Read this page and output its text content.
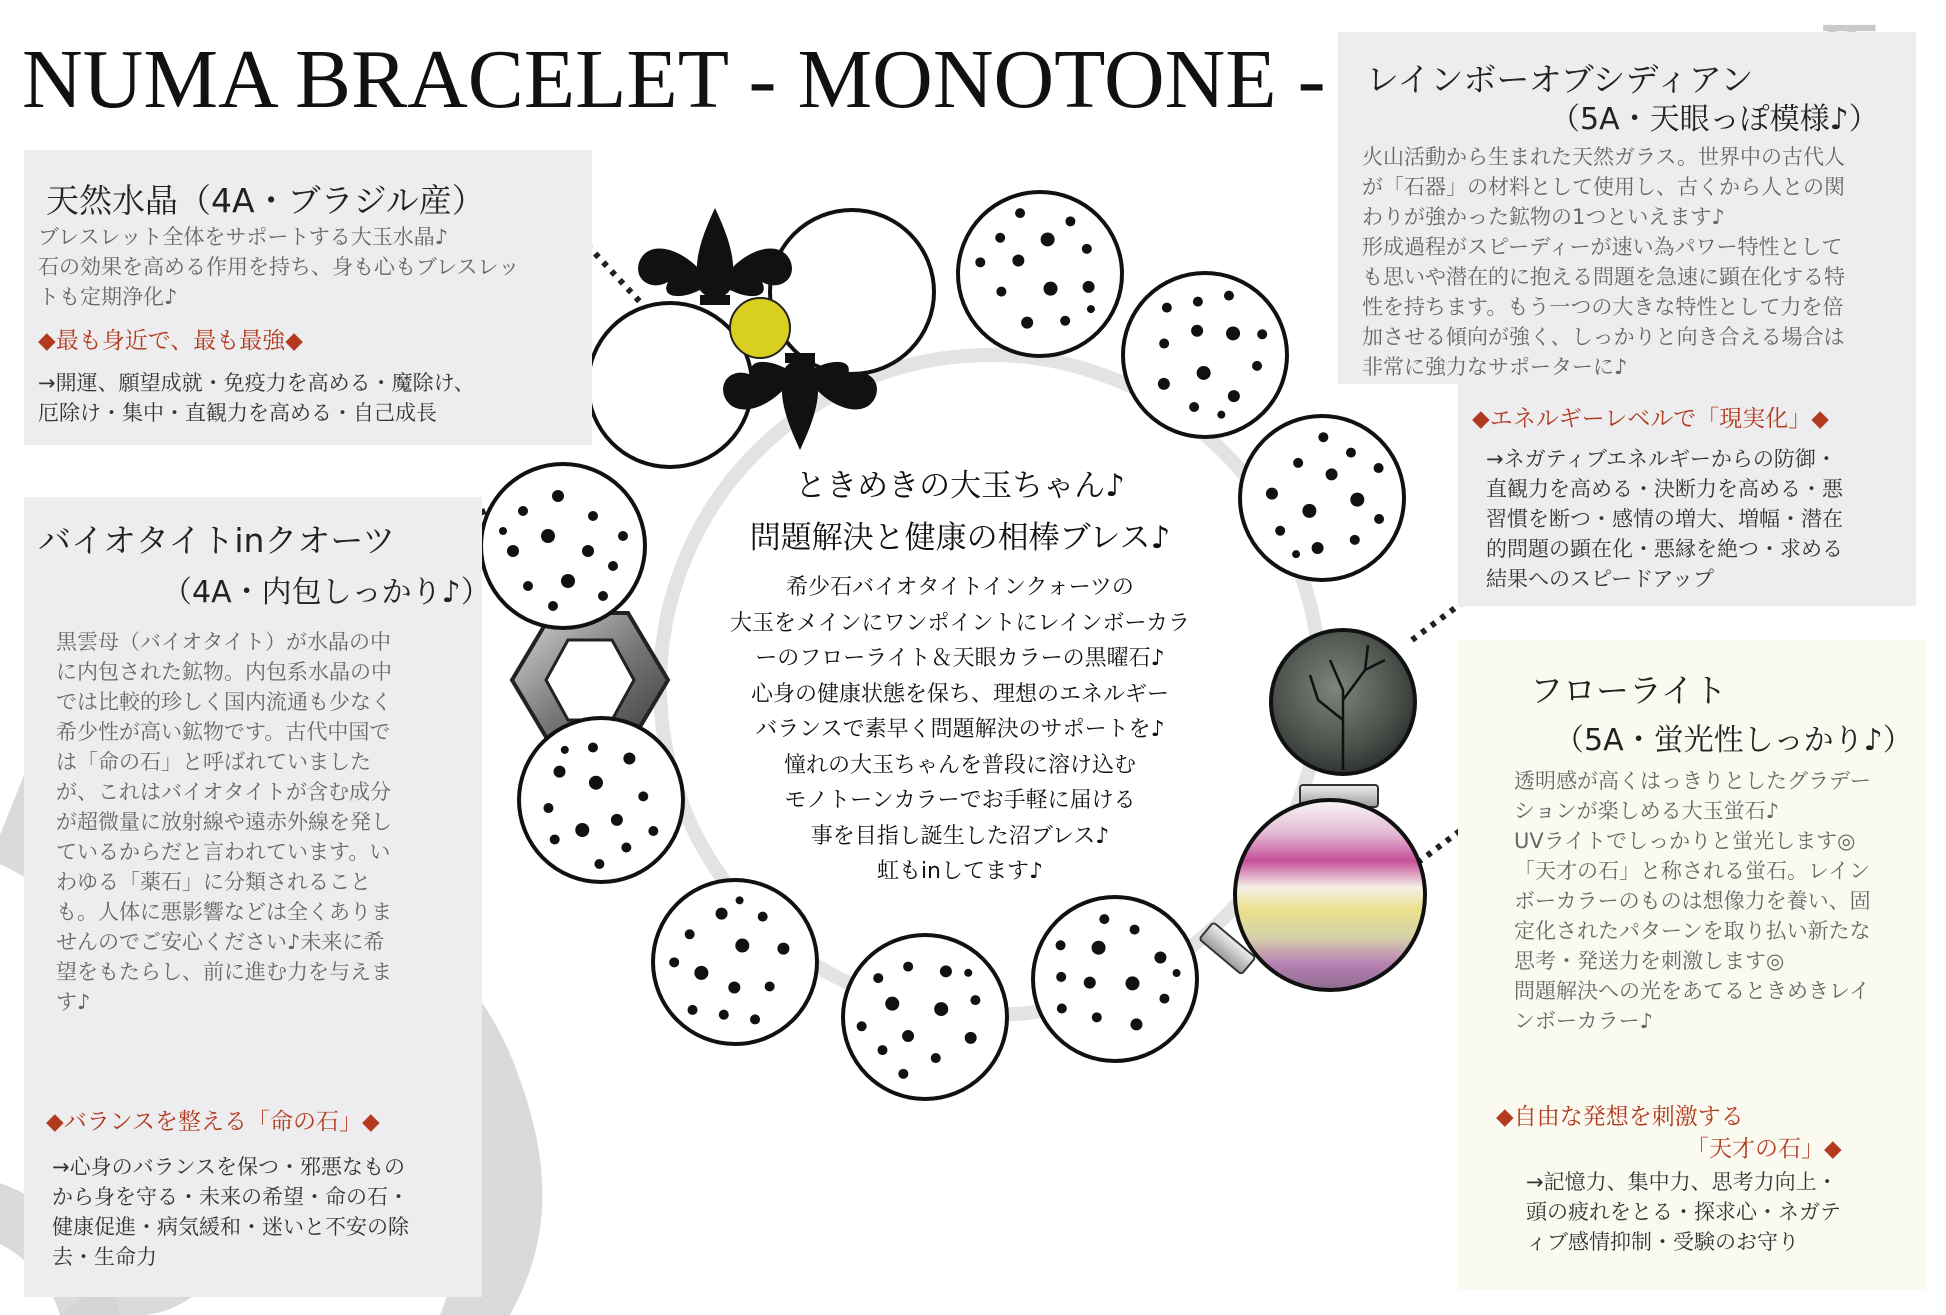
NUMA BRACELET - MONOTONE -
天然水晶（4A・ブラジル産）
ブレスレット全体をサポートする大玉水晶♪
石の効果を高める作用を持ち、身も心もブレスレッ
トも定期浄化♪
◆最も身近で、最も最強◆
→開運、願望成就・免疫力を高める・魔除け、
厄除け・集中・直観力を高める・自己成長
バイオタイトinクオーツ
（4A・内包しっかり♪）
黒雲母（バイオタイト）が水晶の中
に内包された鉱物。内包系水晶の中
では比較的珍しく国内流通も少なく
希少性が高い鉱物です。古代中国で
は「命の石」と呼ばれていました
が、これはバイオタイトが含む成分
が超微量に放射線や遠赤外線を発し
ているからだと言われています。い
わゆる「薬石」に分類されること
も。人体に悪影響などは全くありま
せんのでご安心ください♪未来に希
望をもたらし、前に進む力を与えま
す♪
◆バランスを整える「命の石」◆
→心身のバランスを保つ・邪悪なもの
から身を守る・未来の希望・命の石・
健康促進・病気緩和・迷いと不安の除
去・生命力
レインボーオブシディアン
（5A・天眼っぽ模様♪）
火山活動から生まれた天然ガラス。世界中の古代人
が「石器」の材料として使用し、古くから人との関
わりが強かった鉱物の1つといえます♪
形成過程がスピーディーが速い為パワー特性として
も思いや潜在的に抱える問題を急速に顕在化する特
性を持ちます。もう一つの大きな特性として力を倍
加させる傾向が強く、しっかりと向き合える場合は
非常に強力なサポーターに♪
◆エネルギーレベルで「現実化」◆
→ネガティブエネルギーからの防御・
直観力を高める・決断力を高める・悪
習慣を断つ・感情の増大、増幅・潜在
的問題の顕在化・悪縁を絶つ・求める
結果へのスピードアップ
フローライト
（5A・蛍光性しっかり♪）
透明感が高くはっきりとしたグラデー
ションが楽しめる大玉蛍石♪
UVライトでしっかりと蛍光します◎
「天才の石」と称される蛍石。レイン
ボーカラーのものは想像力を養い、固
定化されたパターンを取り払い新たな
思考・発送力を刺激します◎
問題解決への光をあてるときめきレイ
ンボーカラー♪
◆自由な発想を刺激する
「天才の石」◆
→記憶力、集中力、思考力向上・
頭の疲れをとる・探求心・ネガテ
ィブ感情抑制・受験のお守り
ときめきの大玉ちゃん♪
問題解決と健康の相棒ブレス♪
希少石バイオタイトインクォーツの
大玉をメインにワンポイントにレインボーカラ
ーのフローライト＆天眼カラーの黒曜石♪
心身の健康状態を保ち、理想のエネルギー
バランスで素早く問題解決のサポートを♪
憧れの大玉ちゃんを普段に溶け込む
モノトーンカラーでお手軽に届ける
事を目指し誕生した沼ブレス♪
虹もinしてます♪
